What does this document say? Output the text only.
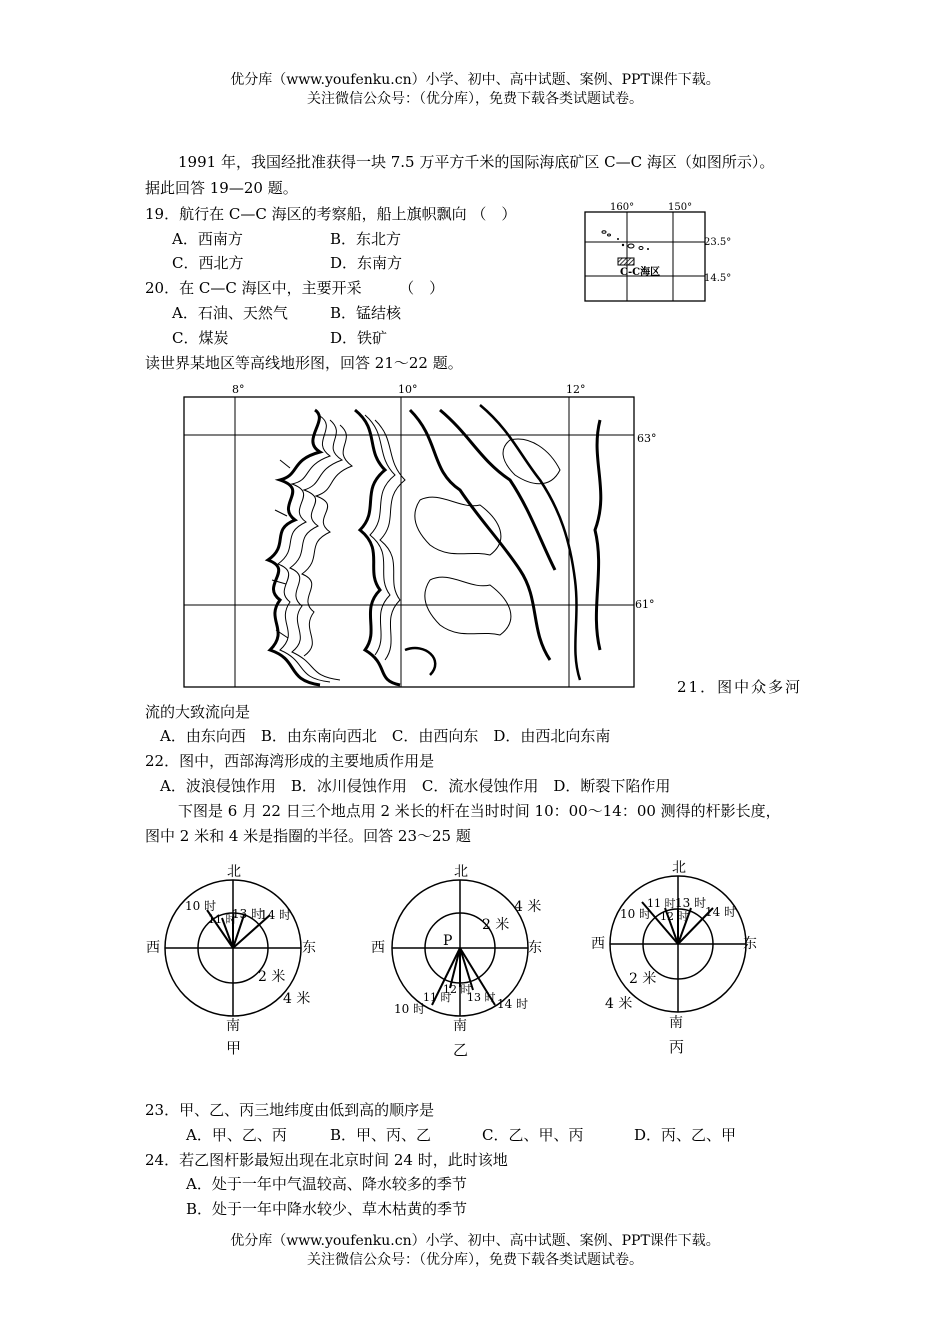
优分库（www.youfenku.cn）小学、初中、高中试题、案例、PPT课件下载。
关注微信公众号：（优分库），免费下载各类试题试卷。
1991 年，我国经批准获得一块 7.5 万平方千米的国际海底矿区 C—C 海区（如图所示）。
据此回答 19—20 题。
19．航行在 C—C 海区的考察船，船上旗帜飘向 （　）
A．西南方	B．东北方
C．西北方	D．东南方
20．在 C—C 海区中，主要开采　　　（　）
A．石油、天然气	B．锰结核
C．煤炭	D．铁矿
160°	150°
23.5°
14.5°
C-C海区
读世界某地区等高线地形图，回答 21～22 题。
8°	10°	12°
63°
61°
21．图中众多河
流的大致流向是
A．由东向西　B．由东南向西北　C．由西向东　D．由西北向东南
22．图中，西部海湾形成的主要地质作用是
A．波浪侵蚀作用　B．冰川侵蚀作用　C．流水侵蚀作用　D．断裂下陷作用
下图是 6 月 22 日三个地点用 2 米长的杆在当时时间 10：00～14：00 测得的杆影长度，
图中 2 米和 4 米是指圈的半径。回答 23～25 题
北
10 时
11 时
13 时
14 时
西	东
2 米
4 米
南
甲
北
P
2 米
4 米
西	东
12 时
11 时 13 时 14 时
10 时
南
乙
北
10 时
11 时
12 时
13 时
14 时
西	东
2 米
4 米
南
丙
23．甲、乙、丙三地纬度由低到高的顺序是
A．甲、乙、丙	B．甲、丙、乙	C．乙、甲、丙	D．丙、乙、甲
24．若乙图杆影最短出现在北京时间 24 时，此时该地
A．处于一年中气温较高、降水较多的季节
B．处于一年中降水较少、草木枯黄的季节
优分库（www.youfenku.cn）小学、初中、高中试题、案例、PPT课件下载。
关注微信公众号：（优分库），免费下载各类试题试卷。
